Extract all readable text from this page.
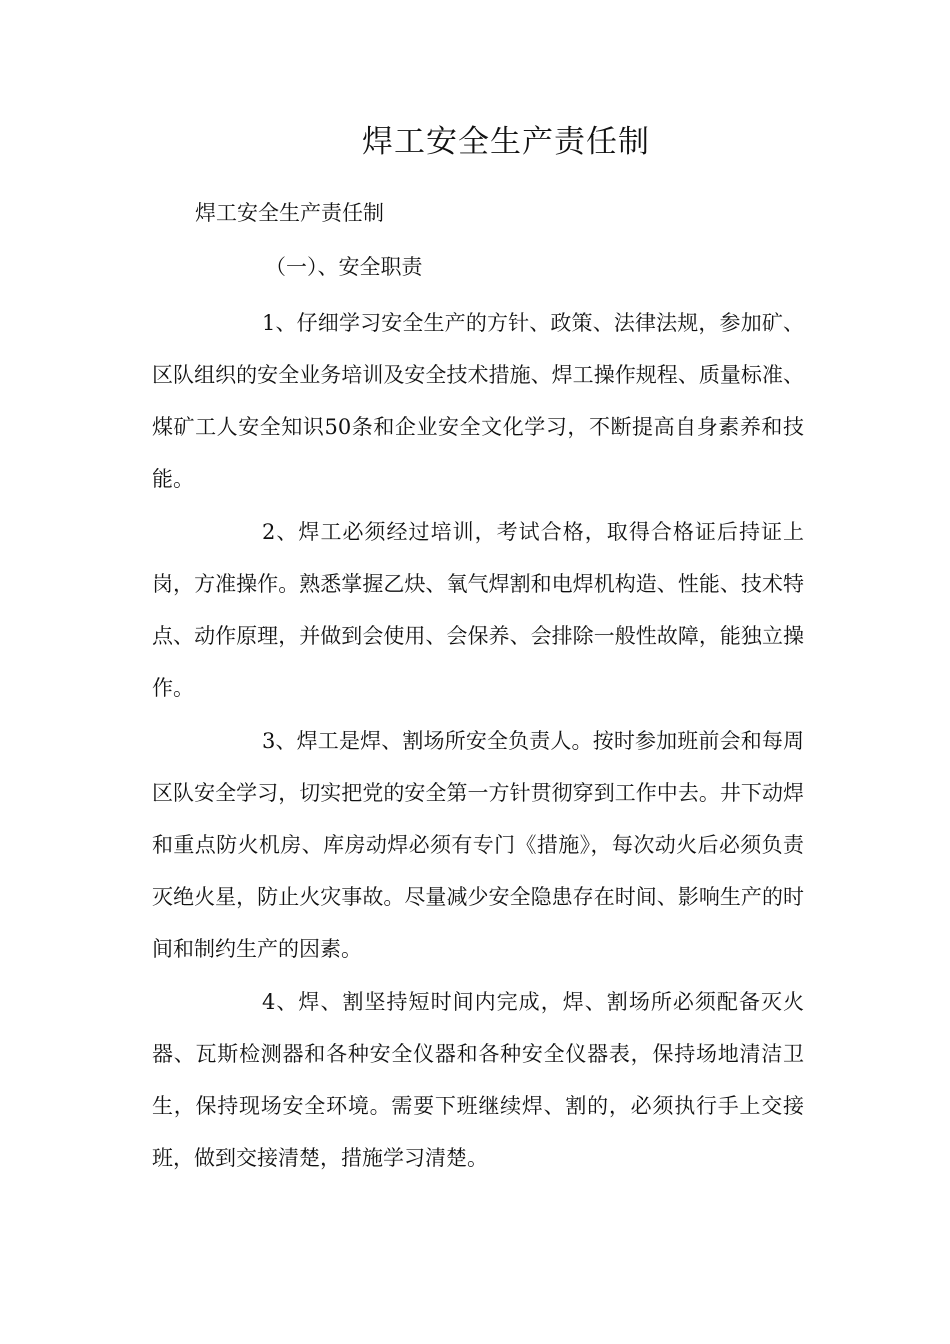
焊工安全生产责任制

焊工安全生产责任制

（一）、安全职责

1、仔细学习安全生产的方针、政策、法律法规，参加矿、区队组织的安全业务培训及安全技术措施、焊工操作规程、质量标准、煤矿工人安全知识50条和企业安全文化学习，不断提高自身素养和技能。

2、焊工必须经过培训，考试合格，取得合格证后持证上岗，方准操作。熟悉掌握乙炔、氧气焊割和电焊机构造、性能、技术特点、动作原理，并做到会使用、会保养、会排除一般性故障，能独立操作。

3、焊工是焊、割场所安全负责人。按时参加班前会和每周区队安全学习，切实把党的安全第一方针贯彻穿到工作中去。井下动焊和重点防火机房、库房动焊必须有专门《措施》，每次动火后必须负责灭绝火星，防止火灾事故。尽量减少安全隐患存在时间、影响生产的时间和制约生产的因素。

4、焊、割坚持短时间内完成，焊、割场所必须配备灭火器、瓦斯检测器和各种安全仪器和各种安全仪器表，保持场地清洁卫生，保持现场安全环境。需要下班继续焊、割的，必须执行手上交接班，做到交接清楚，措施学习清楚。
